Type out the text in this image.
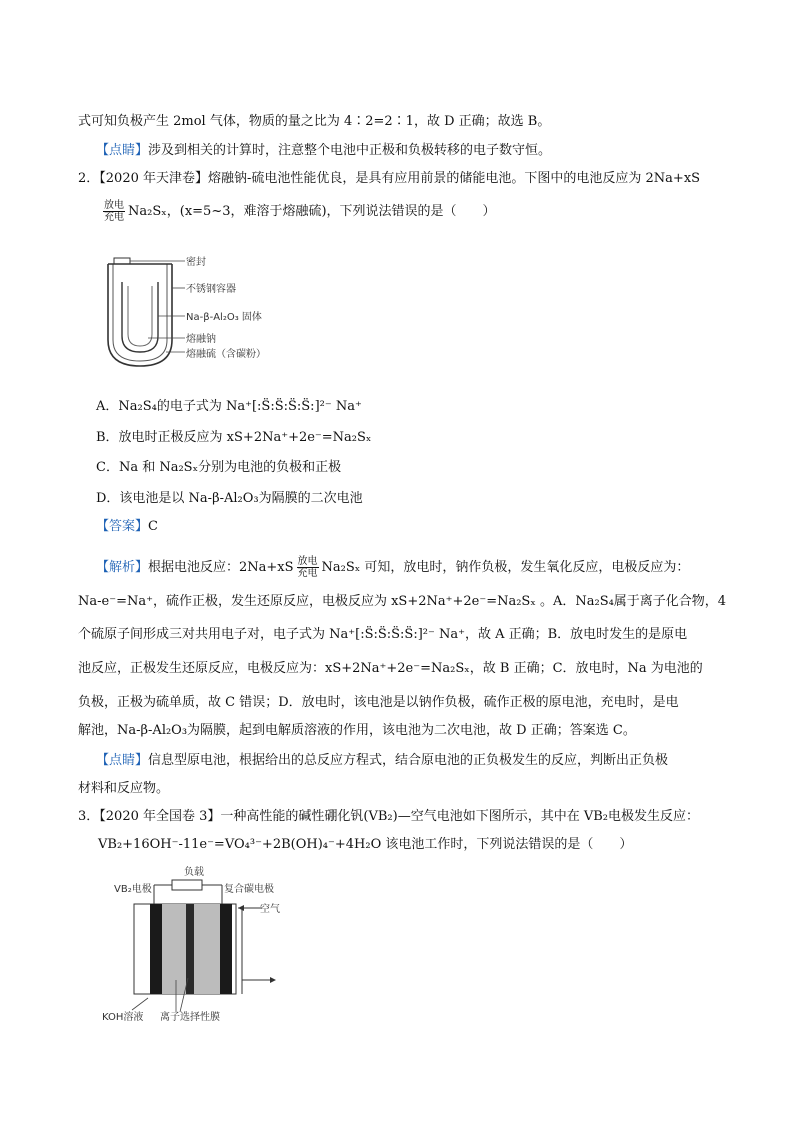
式可知负极产生 2mol 气体，物质的量之比为 4∶2=2∶1，故 D 正确；故选 B。
【点睛】涉及到相关的计算时，注意整个电池中正极和负极转移的电子数守恒。
2．【2020 年天津卷】熔融钠-硫电池性能优良，是具有应用前景的储能电池。下图中的电池反应为 2Na+xS
$\frac{\text{放电}}{\text{充电}} Na_2S_x$，(x=5~3，难溶于熔融硫)，下列说法错误的是（　　）
密封
不锈钢容器
Na-β-Al₂O₃ 固体
熔融钠
熔融硫（含碳粉）
A．Na₂S₄的电子式为 Na⁺[:S̈:S̈:S̈:S̈:]²⁻ Na⁺
B．放电时正极反应为 xS+2Na⁺+2e⁻=Na₂Sₓ
C．Na 和 Na₂Sₓ分别为电池的负极和正极
D．该电池是以 Na-β-Al₂O₃为隔膜的二次电池
【答案】C
【解析】根据电池反应：$2Na+xS \frac{\text{放电}}{\text{充电}} Na_2S_x$ 可知，放电时，钠作负极，发生氧化反应，电极反应为：
Na-e⁻=Na⁺，硫作正极，发生还原反应，电极反应为 xS+2Na⁺+2e⁻=Na₂Sₓ 。A．Na₂S₄属于离子化合物，4
个硫原子间形成三对共用电子对，电子式为 Na⁺[:S̈:S̈:S̈:S̈:]²⁻ Na⁺，故 A 正确；B．放电时发生的是原电
池反应，正极发生还原反应，电极反应为：xS+2Na⁺+2e⁻=Na₂Sₓ，故 B 正确；C．放电时，Na 为电池的
负极，正极为硫单质，故 C 错误；D．放电时，该电池是以钠作负极，硫作正极的原电池，充电时，是电
解池，Na-β-Al₂O₃为隔膜，起到电解质溶液的作用，该电池为二次电池，故 D 正确；答案选 C。
【点睛】信息型原电池，根据给出的总反应方程式，结合原电池的正负极发生的反应，判断出正负极
材料和反应物。
3．【2020 年全国卷 3】一种高性能的碱性硼化钒(VB₂)—空气电池如下图所示，其中在 VB₂电极发生反应：
VB₂+16OH⁻-11e⁻=VO₄³⁻+2B(OH)₄⁻+4H₂O 该电池工作时，下列说法错误的是（　　）
负载
VB₂电极	复合碳电极
空气
KOH溶液 离子选择性膜
